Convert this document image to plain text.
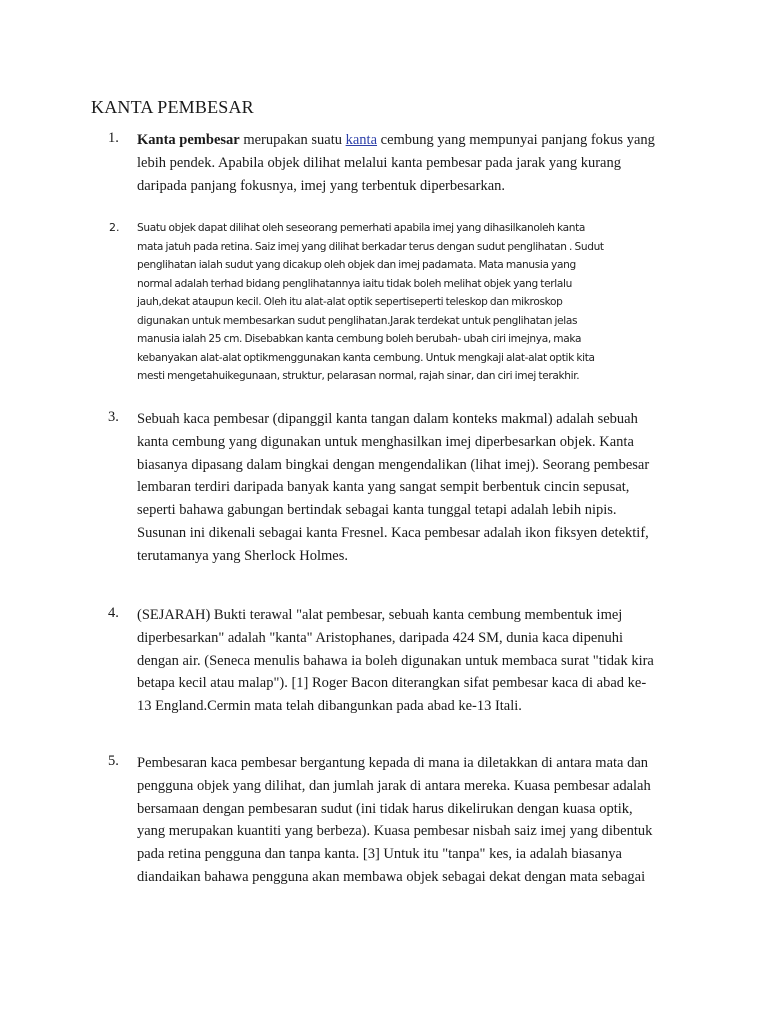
KANTA PEMBESAR
1. Kanta pembesar merupakan suatu kanta cembung yang mempunyai panjang fokus yang
lebih pendek. Apabila objek dilihat melalui kanta pembesar pada jarak yang kurang
daripada panjang fokusnya, imej yang terbentuk diperbesarkan.
2. Suatu objek dapat dilihat oleh seseorang pemerhati apabila imej yang dihasilkanoleh kanta
mata jatuh pada retina. Saiz imej yang dilihat berkadar terus dengan sudut penglihatan . Sudut
penglihatan ialah sudut yang dicakup oleh objek dan imej padamata. Mata manusia yang
normal adalah terhad bidang penglihatannya iaitu tidak boleh melihat objek yang terlalu
jauh,dekat ataupun kecil. Oleh itu alat-alat optik sepertiseperti teleskop dan mikroskop
digunakan untuk membesarkan sudut penglihatan.Jarak terdekat untuk penglihatan jelas
manusia ialah 25 cm. Disebabkan kanta cembung boleh berubah- ubah ciri imejnya, maka
kebanyakan alat-alat optikmenggunakan kanta cembung. Untuk mengkaji alat-alat optik kita
mesti mengetahuikegunaan, struktur, pelarasan normal, rajah sinar, dan ciri imej terakhir.
3. Sebuah kaca pembesar (dipanggil kanta tangan dalam konteks makmal) adalah sebuah
kanta cembung yang digunakan untuk menghasilkan imej diperbesarkan objek. Kanta
biasanya dipasang dalam bingkai dengan mengendalikan (lihat imej). Seorang pembesar
lembaran terdiri daripada banyak kanta yang sangat sempit berbentuk cincin sepusat,
seperti bahawa gabungan bertindak sebagai kanta tunggal tetapi adalah lebih nipis.
Susunan ini dikenali sebagai kanta Fresnel. Kaca pembesar adalah ikon fiksyen detektif,
terutamanya yang Sherlock Holmes.
4. (SEJARAH) Bukti terawal "alat pembesar, sebuah kanta cembung membentuk imej
diperbesarkan" adalah "kanta" Aristophanes, daripada 424 SM, dunia kaca dipenuhi
dengan air. (Seneca menulis bahawa ia boleh digunakan untuk membaca surat "tidak kira
betapa kecil atau malap"). [1] Roger Bacon diterangkan sifat pembesar kaca di abad ke-
13 England.Cermin mata telah dibangunkan pada abad ke-13 Itali.
5. Pembesaran kaca pembesar bergantung kepada di mana ia diletakkan di antara mata dan
pengguna objek yang dilihat, dan jumlah jarak di antara mereka. Kuasa pembesar adalah
bersamaan dengan pembesaran sudut (ini tidak harus dikelirukan dengan kuasa optik,
yang merupakan kuantiti yang berbeza). Kuasa pembesar nisbah saiz imej yang dibentuk
pada retina pengguna dan tanpa kanta. [3] Untuk itu "tanpa" kes, ia adalah biasanya
diandaikan bahawa pengguna akan membawa objek sebagai dekat dengan mata sebagai
